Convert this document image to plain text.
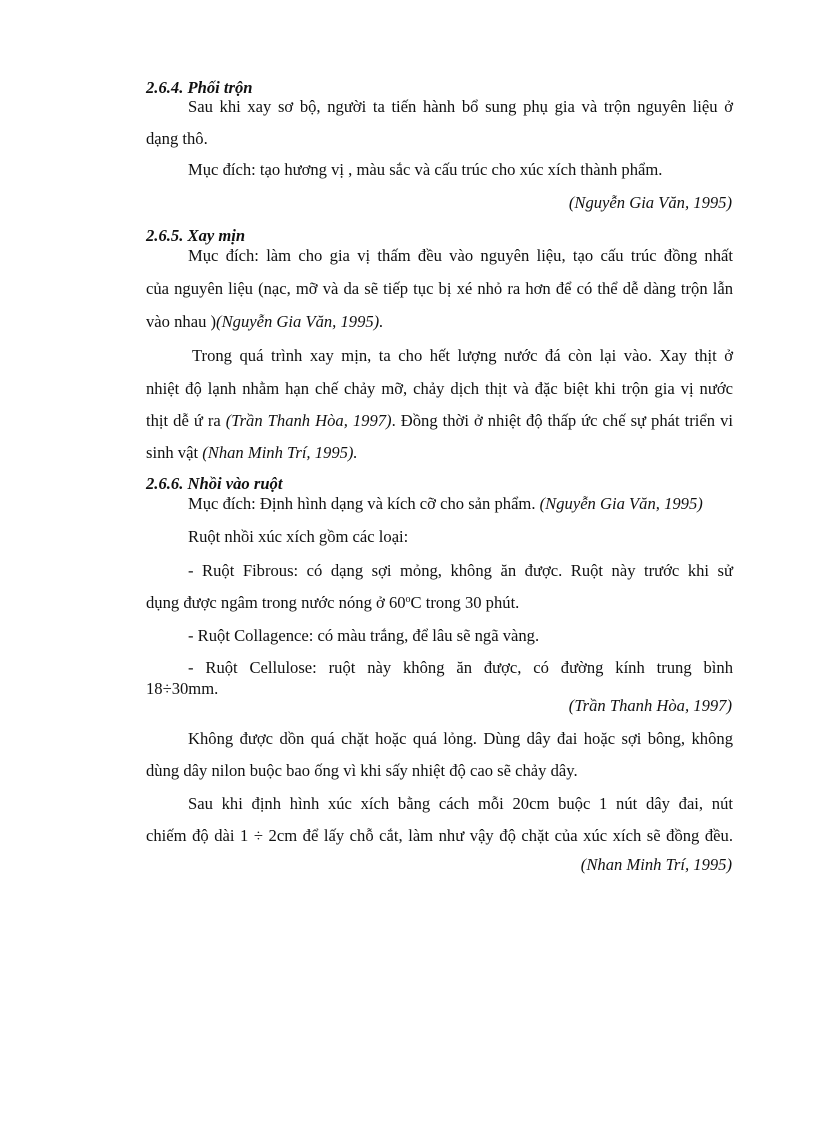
2.6.4. Phối trộn
Sau khi xay sơ bộ, người ta tiến hành bổ sung phụ gia và trộn nguyên liệu ở
dạng thô.
Mục đích: tạo hương vị , màu sắc và cấu trúc cho xúc xích thành phẩm.
(Nguyễn Gia Văn, 1995)
2.6.5. Xay mịn
Mục đích: làm cho gia vị thấm đều vào nguyên liệu, tạo cấu trúc đồng nhất
của nguyên liệu (nạc, mỡ và da sẽ tiếp tục bị xé nhỏ ra hơn để có thể dễ dàng trộn lẫn
vào nhau )(Nguyễn Gia Văn, 1995).
Trong quá trình xay mịn, ta cho hết lượng nước đá còn lại vào. Xay thịt ở
nhiệt độ lạnh nhằm hạn chế chảy mỡ, chảy dịch thịt và đặc biệt khi trộn gia vị nước
thịt dễ ứ ra (Trần Thanh Hòa, 1997). Đồng thời ở nhiệt độ thấp ức chế sự phát triển vi
sinh vật (Nhan Minh Trí, 1995).
2.6.6. Nhồi vào ruột
Mục đích: Định hình dạng và kích cỡ cho sản phẩm. (Nguyễn Gia Văn, 1995)
Ruột nhồi xúc xích gồm các loại:
- Ruột Fibrous: có dạng sợi mỏng, không ăn được. Ruột này trước khi sử
dụng được ngâm trong nước nóng ở 60$^o$C trong 30 phút.
- Ruột Collagence: có màu trắng, để lâu sẽ ngã vàng.
- Ruột Cellulose: ruột này không ăn được, có đường kính trung bình
18÷30mm.
(Trần Thanh Hòa, 1997)
Không được dồn quá chặt hoặc quá lỏng. Dùng dây đai hoặc sợi bông, không
dùng dây nilon buộc bao ống vì khi sấy nhiệt độ cao sẽ chảy dây.
Sau khi định hình xúc xích bằng cách mỗi 20cm buộc 1 nút dây đai, nút
chiếm độ dài 1 ÷ 2cm để lấy chỗ cắt, làm như vậy độ chặt của xúc xích sẽ đồng đều.
(Nhan Minh Trí, 1995)
